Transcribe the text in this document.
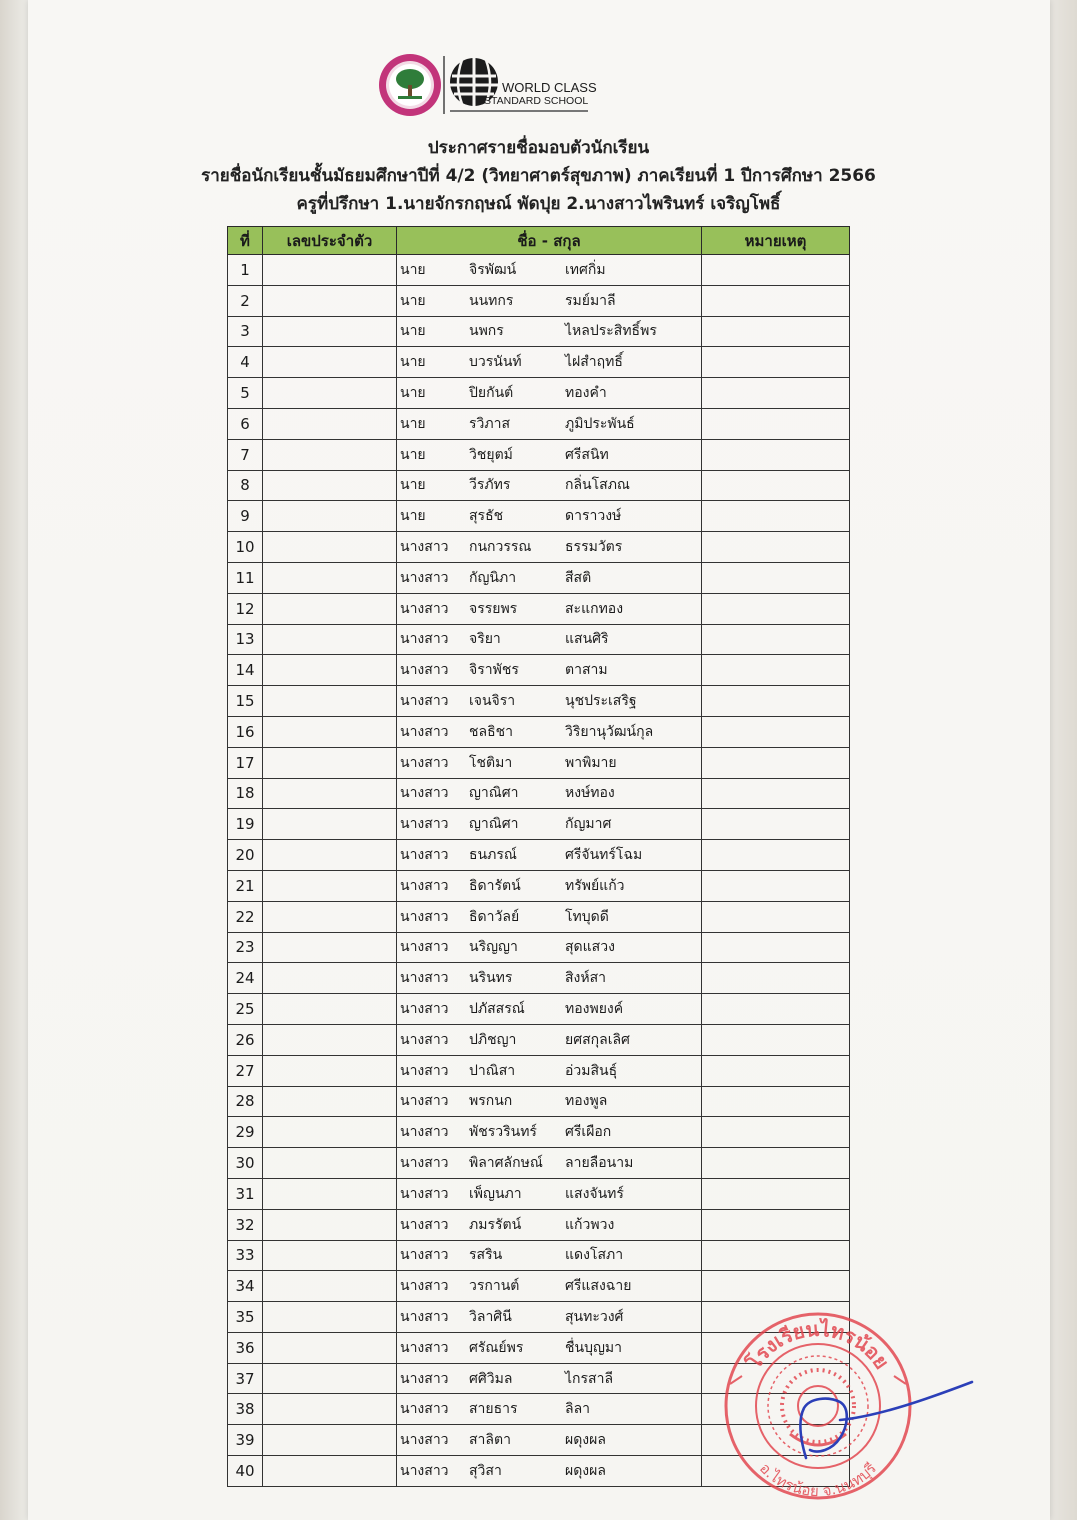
WORLD CLASS
STANDARD SCHOOL
ประกาศรายชื่อมอบตัวนักเรียน
รายชื่อนักเรียนชั้นมัธยมศึกษาปีที่ 4/2 (วิทยาศาตร์สุขภาพ) ภาคเรียนที่ 1 ปีการศึกษา 2566
ครูที่ปรึกษา 1.นายจักรกฤษณ์ พัดปุย 2.นางสาวไพรินทร์ เจริญโพธิ์
ที่	เลขประจำตัว	ชื่อ - สกุล	หมายเหตุ
1		นาย จิรพัฒน์ เทศกิ่ม	

2		นาย นนทกร รมย์มาลี	

3		นาย นพกร ไหลประสิทธิ์พร	

4		นาย บวรนันท์ ไฝสำฤทธิ์	

5		นาย ปิยกันต์ ทองคำ	

6		นาย รวิภาส ภูมิประพันธ์	

7		นาย วิชยุตม์ ศรีสนิท	

8		นาย วีรภัทร กลิ่นโสภณ	

9		นาย สุรธัช ดาราวงษ์	

10		นางสาว กนกวรรณ ธรรมวัตร	

11		นางสาว กัญนิภา สีสติ	

12		นางสาว จรรยพร สะแกทอง	

13		นางสาว จริยา แสนศิริ	

14		นางสาว จิราพัชร ตาสาม	

15		นางสาว เจนจิรา นุชประเสริฐ	

16		นางสาว ชลธิชา วิริยานุวัฒน์กุล	

17		นางสาว โชติมา พาพิมาย	

18		นางสาว ญาณิศา หงษ์ทอง	

19		นางสาว ญาณิศา กัญมาศ	

20		นางสาว ธนภรณ์ ศรีจันทร์โฉม	

21		นางสาว ธิดารัตน์ ทรัพย์แก้ว	

22		นางสาว ธิดาวัลย์ โทบุดดี	

23		นางสาว นริญญา สุดแสวง	

24		นางสาว นรินทร สิงห์สา	

25		นางสาว ปภัสสรณ์ ทองพยงค์	

26		นางสาว ปภิชญา ยศสกุลเลิศ	

27		นางสาว ปาณิสา อ่วมสินธุ์	

28		นางสาว พรกนก ทองพูล	

29		นางสาว พัชรวรินทร์ ศรีเผือก	

30		นางสาว พิลาศลักษณ์ ลายลือนาม	

31		นางสาว เพ็ญนภา แสงจันทร์	

32		นางสาว ภมรรัตน์ แก้วพวง	

33		นางสาว รสริน แดงโสภา	

34		นางสาว วรกานต์ ศรีแสงฉาย	

35		นางสาว วิลาศินี สุนทะวงศ์	

36		นางสาว ศรัณย์พร ชื่นบุญมา	

37		นางสาว ศศิวิมล ไกรสาลี	

38		นางสาว สายธาร ลิลา	

39		นางสาว สาลิตา ผดุงผล	

40		นางสาว สุวิสา ผดุงผล	

โรงเรียนไทรน้อย
อ.ไทรน้อย จ.นนทบุรี
